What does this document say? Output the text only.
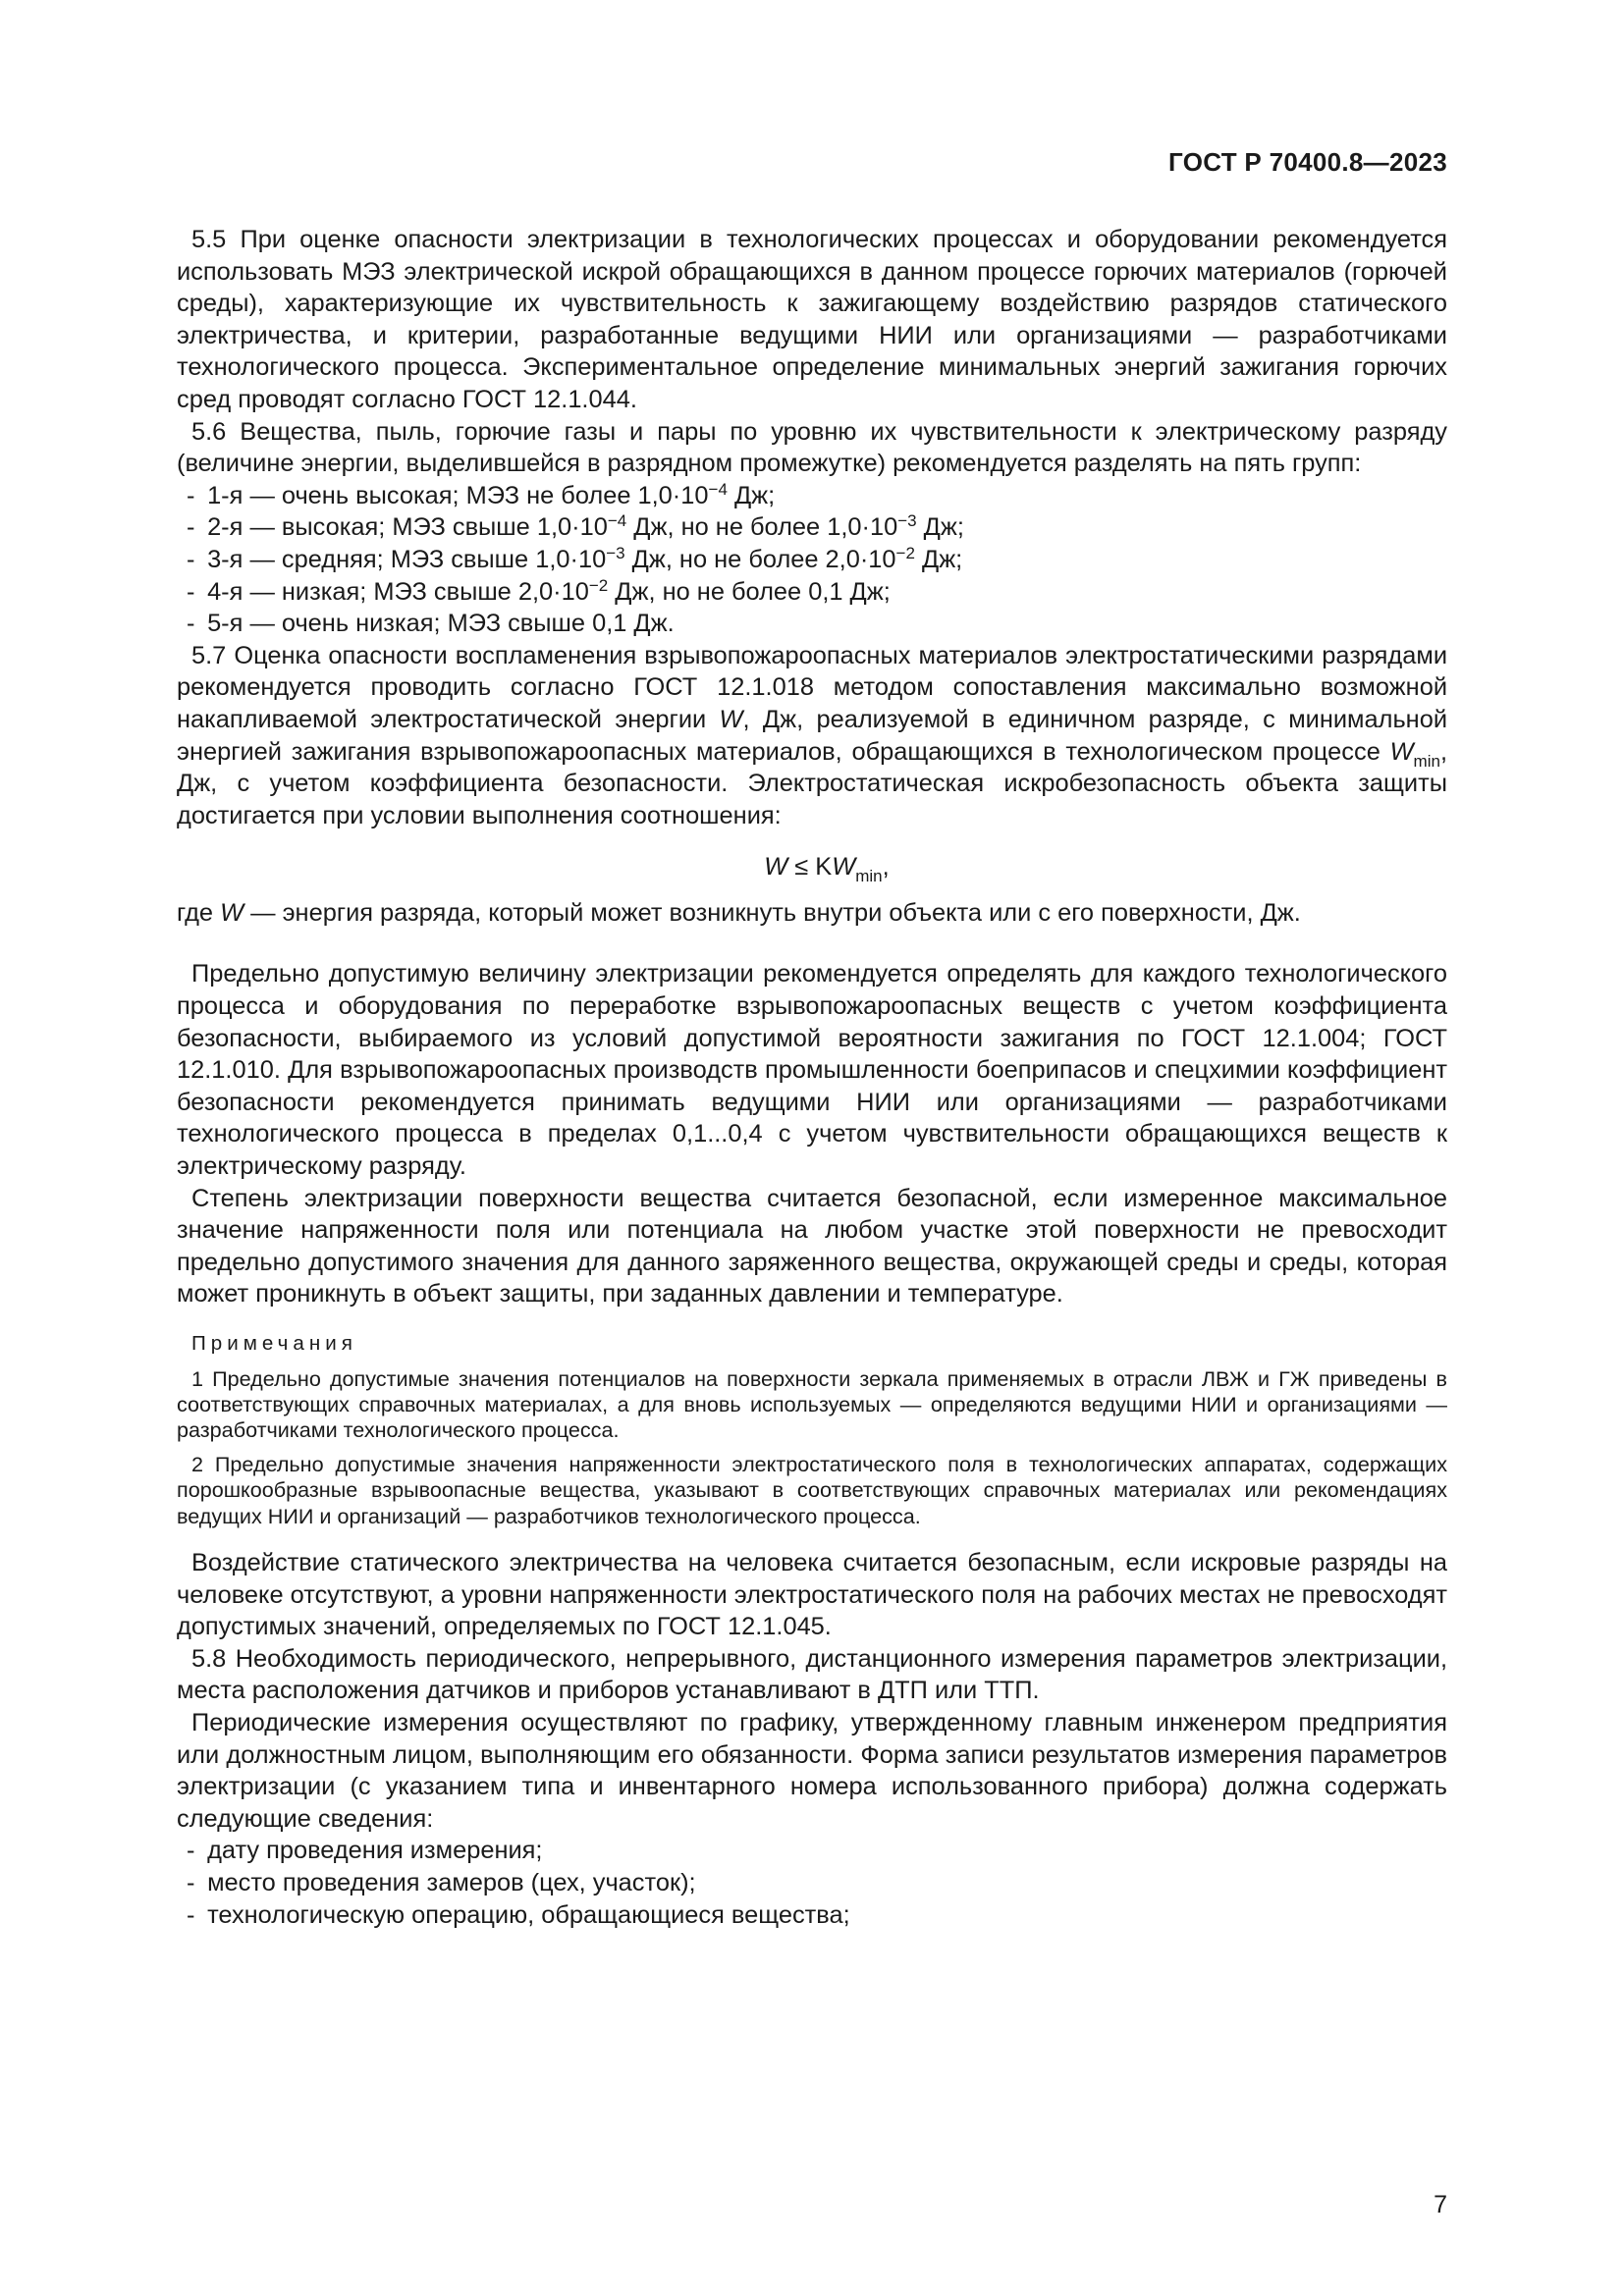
ГОСТ Р 70400.8—2023

5.5 При оценке опасности электризации в технологических процессах и оборудовании рекомендуется использовать МЭЗ электрической искрой обращающихся в данном процессе горючих материалов (горючей среды), характеризующие их чувствительность к зажигающему воздействию разрядов статического электричества, и критерии, разработанные ведущими НИИ или организациями — разработчиками технологического процесса. Экспериментальное определение минимальных энергий зажигания горючих сред проводят согласно ГОСТ 12.1.044.

5.6 Вещества, пыль, горючие газы и пары по уровню их чувствительности к электрическому разряду (величине энергии, выделившейся в разрядном промежутке) рекомендуется разделять на пять групп:

- 1-я — очень высокая; МЭЗ не более $1,0\cdot 10^{-4}$ Дж;
- 2-я — высокая; МЭЗ свыше $1,0\cdot 10^{-4}$ Дж, но не более $1,0\cdot 10^{-3}$ Дж;
- 3-я — средняя; МЭЗ свыше $1,0\cdot 10^{-3}$ Дж, но не более $2,0\cdot 10^{-2}$ Дж;
- 4-я — низкая; МЭЗ свыше $2,0\cdot 10^{-2}$ Дж, но не более 0,1 Дж;
- 5-я — очень низкая; МЭЗ свыше 0,1 Дж.

5.7 Оценка опасности воспламенения взрывопожароопасных материалов электростатическими разрядами рекомендуется проводить согласно ГОСТ 12.1.018 методом сопоставления максимально возможной накапливаемой электростатической энергии W, Дж, реализуемой в единичном разряде, с минимальной энергией зажигания взрывопожароопасных материалов, обращающихся в технологическом процессе $W_{min}$, Дж, с учетом коэффициента безопасности. Электростатическая искробезопасность объекта защиты достигается при условии выполнения соотношения:

$W \le KW_{min}$,

где W — энергия разряда, который может возникнуть внутри объекта или с его поверхности, Дж.

Предельно допустимую величину электризации рекомендуется определять для каждого технологического процесса и оборудования по переработке взрывопожароопасных веществ с учетом коэффициента безопасности, выбираемого из условий допустимой вероятности зажигания по ГОСТ 12.1.004; ГОСТ 12.1.010. Для взрывопожароопасных производств промышленности боеприпасов и спецхимии коэффициент безопасности рекомендуется принимать ведущими НИИ или организациями — разработчиками технологического процесса в пределах 0,1...0,4 с учетом чувствительности обращающихся веществ к электрическому разряду.

Степень электризации поверхности вещества считается безопасной, если измеренное максимальное значение напряженности поля или потенциала на любом участке этой поверхности не превосходит предельно допустимого значения для данного заряженного вещества, окружающей среды и среды, которая может проникнуть в объект защиты, при заданных давлении и температуре.

Примечания

1 Предельно допустимые значения потенциалов на поверхности зеркала применяемых в отрасли ЛВЖ и ГЖ приведены в соответствующих справочных материалах, а для вновь используемых — определяются ведущими НИИ и организациями — разработчиками технологического процесса.

2 Предельно допустимые значения напряженности электростатического поля в технологических аппаратах, содержащих порошкообразные взрывоопасные вещества, указывают в соответствующих справочных материалах или рекомендациях ведущих НИИ и организаций — разработчиков технологического процесса.

Воздействие статического электричества на человека считается безопасным, если искровые разряды на человеке отсутствуют, а уровни напряженности электростатического поля на рабочих местах не превосходят допустимых значений, определяемых по ГОСТ 12.1.045.

5.8 Необходимость периодического, непрерывного, дистанционного измерения параметров электризации, места расположения датчиков и приборов устанавливают в ДТП или ТТП.

Периодические измерения осуществляют по графику, утвержденному главным инженером предприятия или должностным лицом, выполняющим его обязанности. Форма записи результатов измерения параметров электризации (с указанием типа и инвентарного номера использованного прибора) должна содержать следующие сведения:

- дату проведения измерения;
- место проведения замеров (цех, участок);
- технологическую операцию, обращающиеся вещества;
7
